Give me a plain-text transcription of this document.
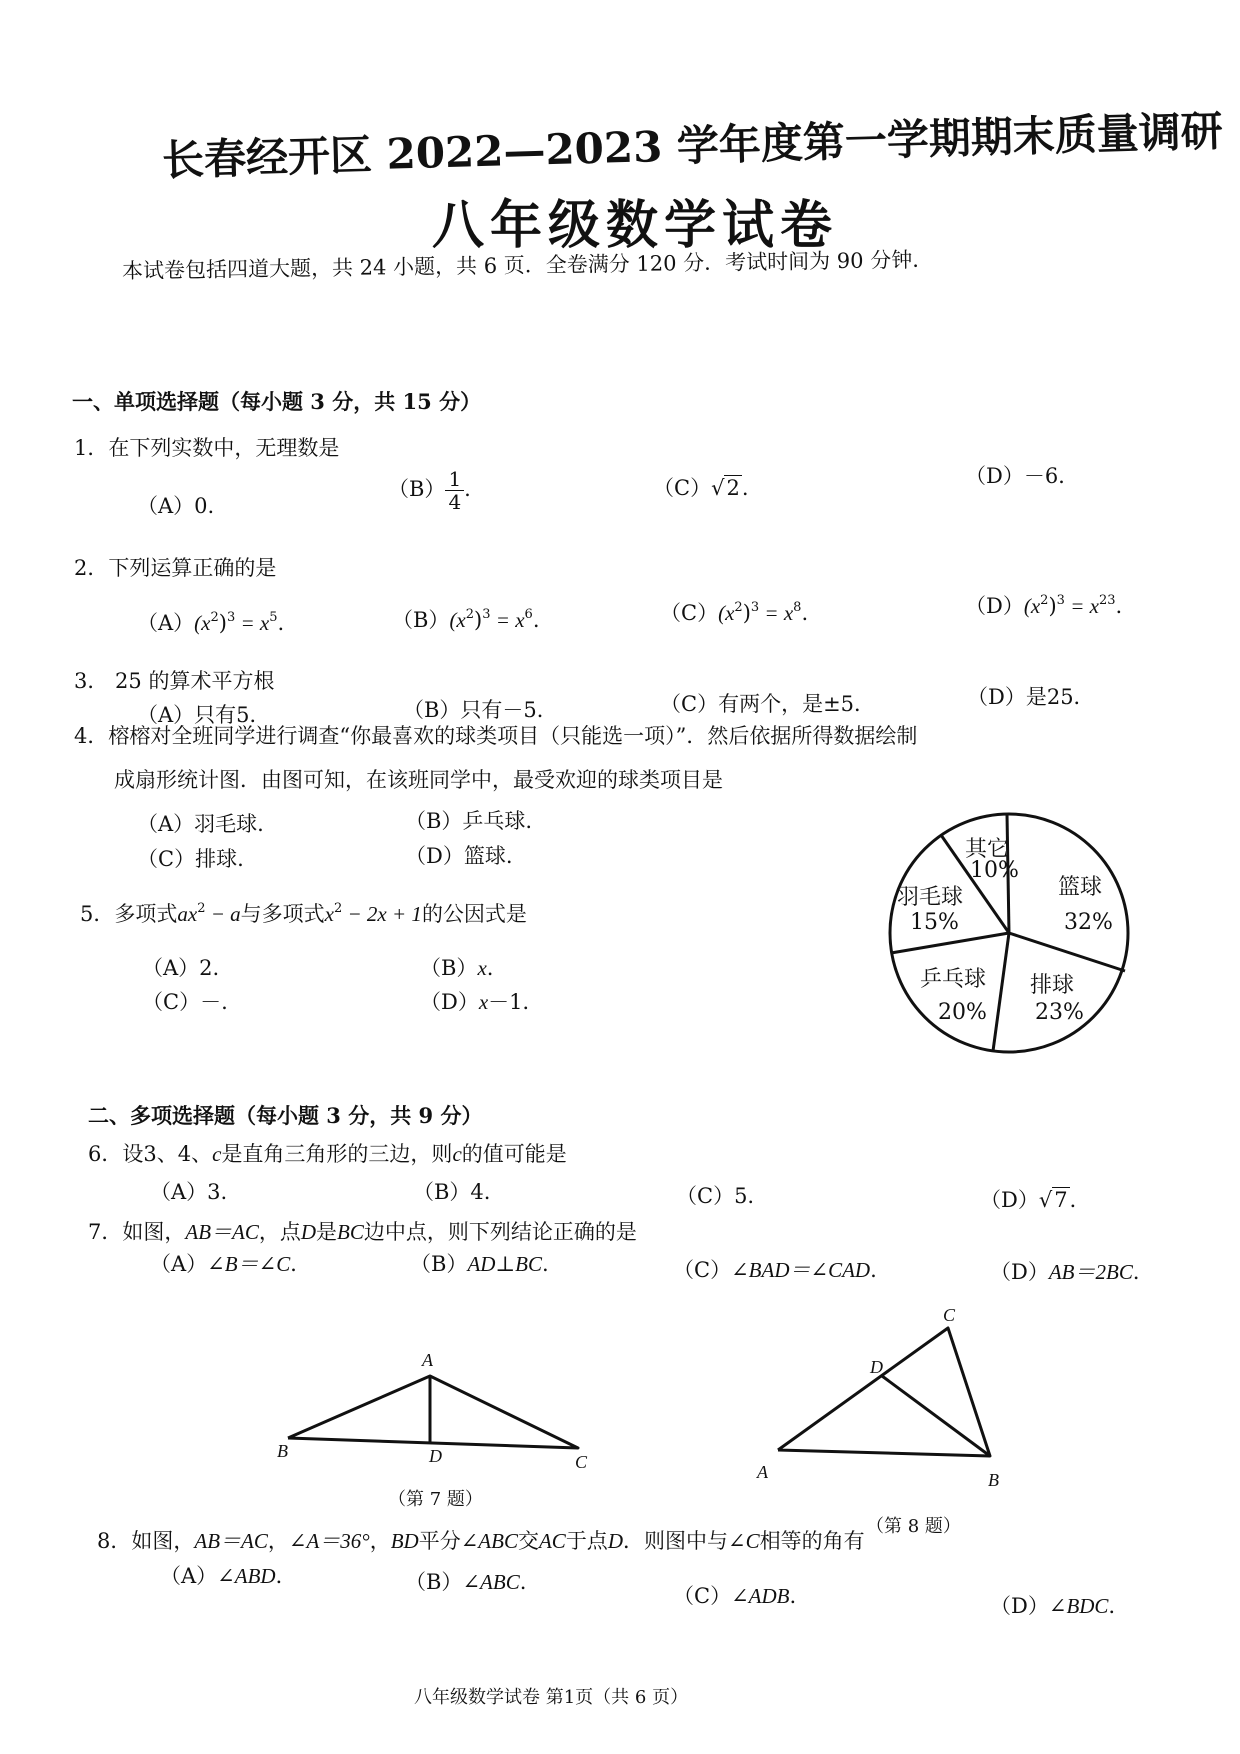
长春经开区 2022—2023 学年度第一学期期末质量调研
八年级数学试卷
本试卷包括四道大题，共 24 小题，共 6 页．全卷满分 120 分．考试时间为 90 分钟．
一、单项选择题（每小题 3 分，共 15 分）
1．在下列实数中，无理数是
（A）0.
$(B) \frac{1}{4}$ .	（C）√2.	（D）－6．
2．下列运算正确的是
$(A)(x^2)^3 = x^5$.	$(B)(x^2)^3 = x^6$.	$(C)(x^2)^3 = x^8$.	$(D)(x^2)^3 = x^{23}$.
3． 25 的算术平方根
（A）只有5．	（B）只有－5．	（C）有两个，是±5．	（D）是25．
4．榕榕对全班同学进行调查“你最喜欢的球类项目（只能选一项）”．然后依据所得数据绘制
成扇形统计图．由图可知，在该班同学中，最受欢迎的球类项目是
（A）羽毛球.	（B）乒乓球.
（C）排球.	（D）篮球.	其它
10%
篮球
32%
羽毛球
15%
乒乓球
20%
排球
23%
5．多项式$ax^2 - a$与多项式$x^2 - 2x + 1$的公因式是
（A）2.	（B）x.
（C）－.	（D）x－1．
二、多项选择题（每小题 3 分，共 9 分）
6．设3、4、c是直角三角形的三边，则c的值可能是
（A）3.	（B）4.	（C）5.	（D）√7．
7．如图，AB＝AC，点D是BC边中点，则下列结论正确的是
（A）∠B＝∠C．	（B）AD⊥BC.	（C）∠BAD＝∠CAD.	（D）AB＝2BC．
A
B	D	C
（第 7 题）
C
D
A	B
（第 8 题）
8．如图，AB＝AC，∠A＝36°，BD平分∠ABC交AC于点D．则图中与∠C相等的角有
（A）∠ABD．	（B）∠ABC.
（C）∠ADB.	（D）∠BDC．
八年级数学试卷 第1页（共 6 页）
